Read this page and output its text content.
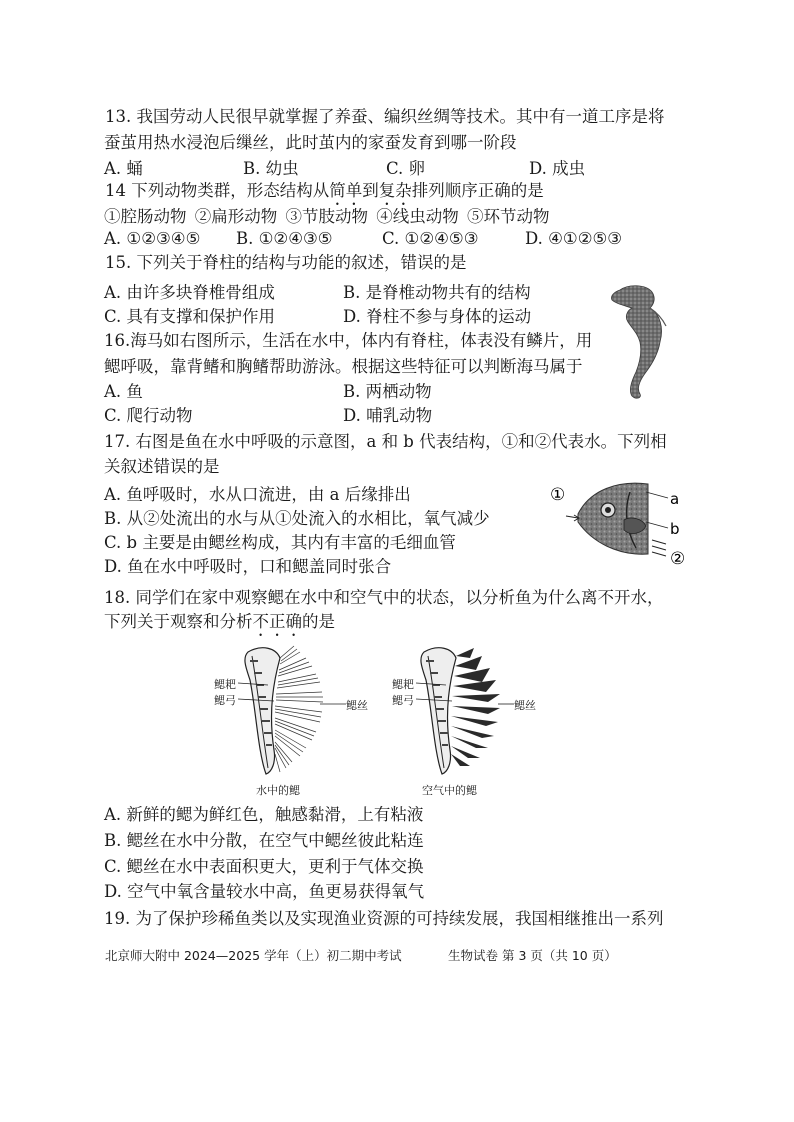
13. 我国劳动人民很早就掌握了养蚕、编织丝绸等技术。其中有一道工序是将
蚕茧用热水浸泡后缫丝，此时茧内的家蚕发育到哪一阶段
A. 蛹	B. 幼虫	C. 卵	D. 成虫
14 下列动物类群，形态结构从简单到复杂排列顺序正确的是
①腔肠动物 ②扁形动物 ③节肢动物 ④线虫动物 ⑤环节动物
A. ①②③④⑤ B. ①②④③⑤	C. ①②④⑤③	D. ④①②⑤③
15. 下列关于脊柱的结构与功能的叙述，错误的是
A. 由许多块脊椎骨组成	B. 是脊椎动物共有的结构
C. 具有支撑和保护作用	D. 脊柱不参与身体的运动
16.海马如右图所示，生活在水中，体内有脊柱，体表没有鳞片，用
鳃呼吸，靠背鳍和胸鳍帮助游泳。根据这些特征可以判断海马属于
A. 鱼	B. 两栖动物
C. 爬行动物	D. 哺乳动物
17. 右图是鱼在水中呼吸的示意图，a 和 b 代表结构，①和②代表水。下列相
关叙述错误的是
A. 鱼呼吸时，水从口流进，由 a 后缘排出
B. 从②处流出的水与从①处流入的水相比，氧气减少
C. b 主要是由鳃丝构成，其内有丰富的毛细血管
D. 鱼在水中呼吸时，口和鳃盖同时张合
①	a
b
②
18. 同学们在家中观察鳃在水中和空气中的状态，以分析鱼为什么离不开水，
下列关于观察和分析不正确的是
鳃耙
鳃弓	鳃丝
水中的鳃
鳃耙
鳃弓	鳃丝
空气中的鳃
A. 新鲜的鳃为鲜红色，触感黏滑，上有粘液
B. 鳃丝在水中分散，在空气中鳃丝彼此粘连
C. 鳃丝在水中表面积更大，更利于气体交换
D. 空气中氧含量较水中高，鱼更易获得氧气
19. 为了保护珍稀鱼类以及实现渔业资源的可持续发展，我国相继推出一系列
北京师大附中 2024—2025 学年（上）初二期中考试	生物试卷 第 3 页（共 10 页）
